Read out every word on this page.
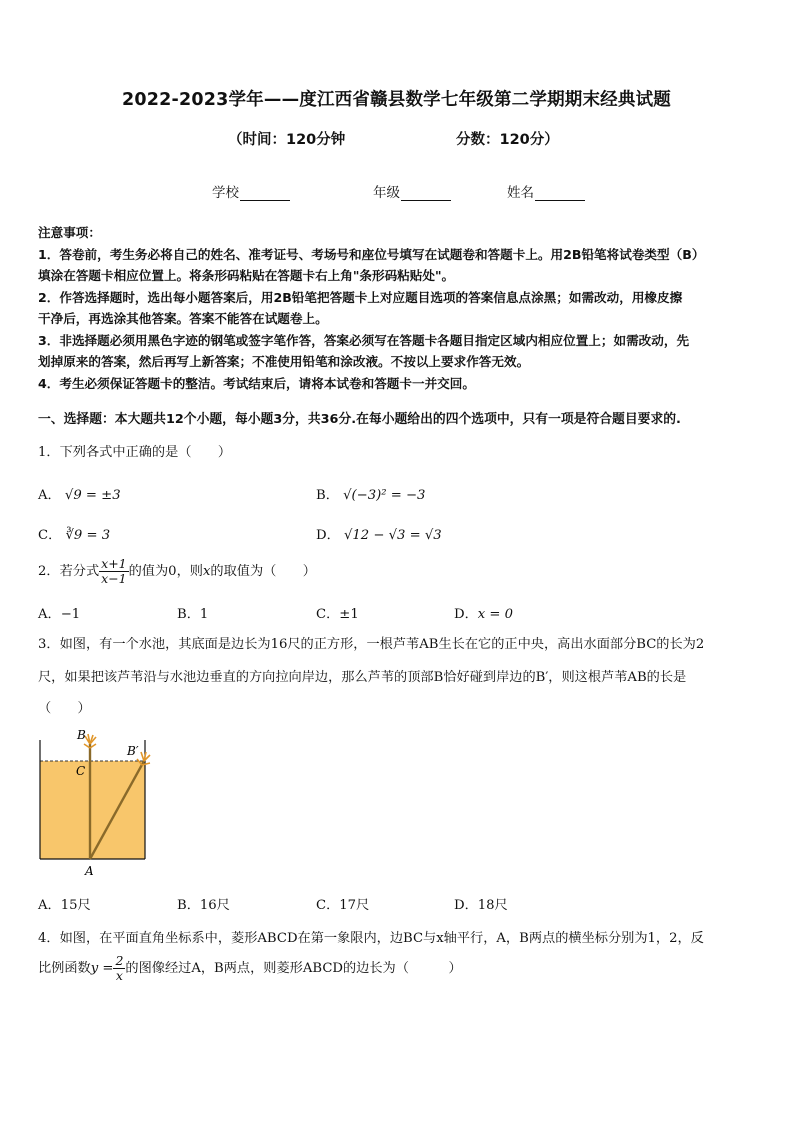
2022-2023学年——度江西省赣县数学七年级第二学期期末经典试题
（时间：120分钟	分数：120分）
学校	年级	姓名
注意事项：
1．答卷前，考生务必将自己的姓名、准考证号、考场号和座位号填写在试题卷和答题卡上。用2B铅笔将试卷类型（B）
填涂在答题卡相应位置上。将条形码粘贴在答题卡右上角"条形码粘贴处"。
2．作答选择题时，选出每小题答案后，用2B铅笔把答题卡上对应题目选项的答案信息点涂黑；如需改动，用橡皮擦
干净后，再选涂其他答案。答案不能答在试题卷上。
3．非选择题必须用黑色字迹的钢笔或签字笔作答，答案必须写在答题卡各题目指定区域内相应位置上；如需改动，先
划掉原来的答案，然后再写上新答案；不准使用铅笔和涂改液。不按以上要求作答无效。
4．考生必须保证答题卡的整洁。考试结束后，请将本试卷和答题卡一并交回。
一、选择题：本大题共12个小题，每小题3分，共36分.在每小题给出的四个选项中，只有一项是符合题目要求的.
1．下列各式中正确的是（　　）
A． √9 = ±3	B． √(−3)² = −3
C． ∛9 = 3	D． √12 − √3 = √3
2．若分式 $\frac{x+1}{x-1}$ 的值为0，则x的取值为（　　）
A．−1	B．1	C．±1	D．x = 0
3．如图，有一个水池，其底面是边长为16尺的正方形，一根芦苇AB生长在它的正中央，高出水面部分BC的长为2
尺，如果把该芦苇沿与水池边垂直的方向拉向岸边，那么芦苇的顶部B恰好碰到岸边的B′，则这根芦苇AB的长是
（　　）
B
B′
C
A
A．15尺	B．16尺	C．17尺	D．18尺
4．如图，在平面直角坐标系中，菱形ABCD在第一象限内，边BC与x轴平行，A，B两点的横坐标分别为1，2，反
比例函数$y = \frac{2}{x}$ 的图像经过A，B两点，则菱形ABCD的边长为（　　　）
